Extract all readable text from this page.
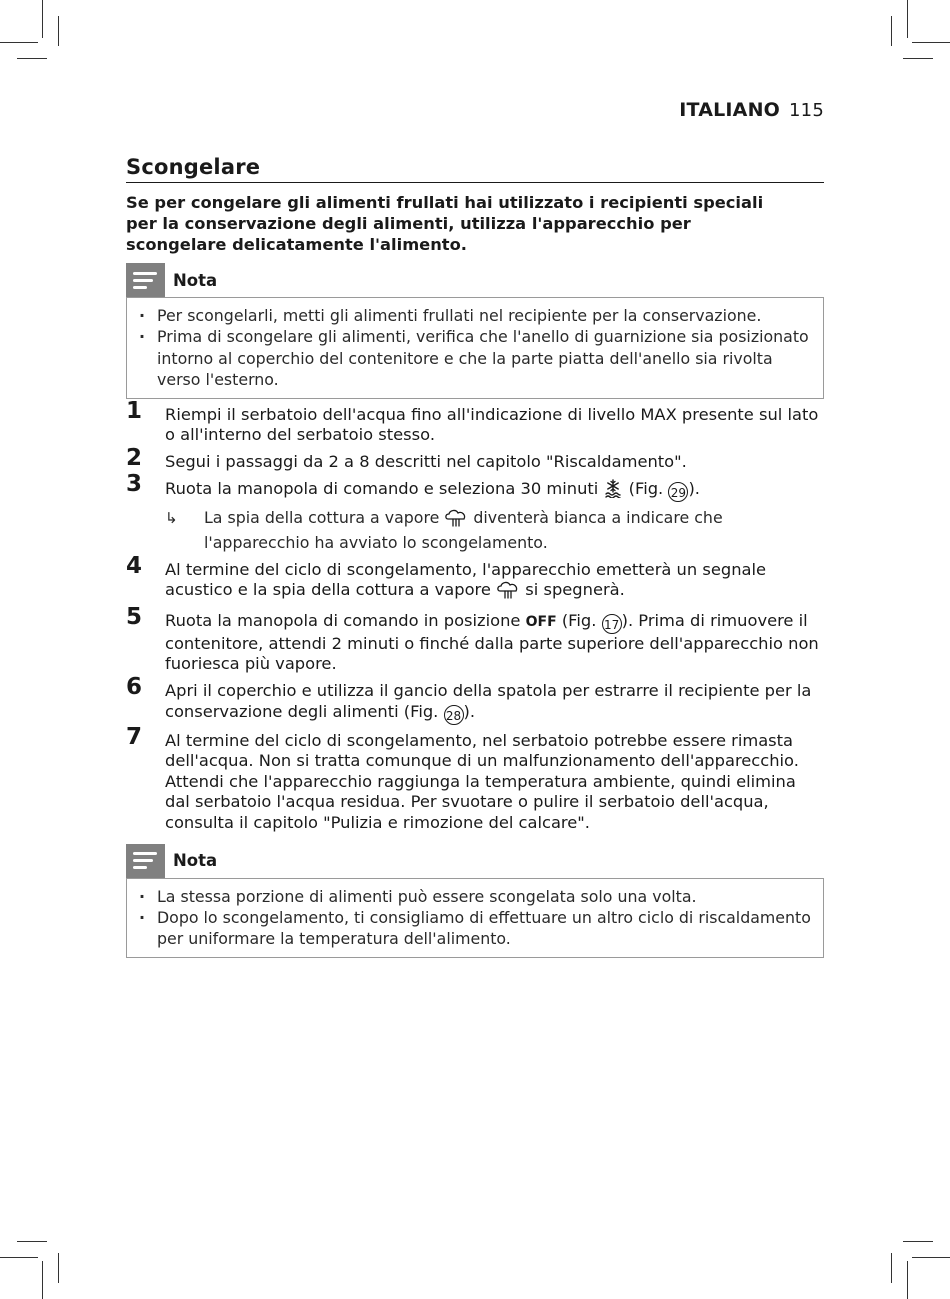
ITALIANO 115
Scongelare

Se per congelare gli alimenti frullati hai utilizzato i recipienti speciali per la conservazione degli alimenti, utilizza l'apparecchio per scongelare delicatamente l'alimento.

Nota
· Per scongelarli, metti gli alimenti frullati nel recipiente per la conservazione.
· Prima di scongelare gli alimenti, verifica che l'anello di guarnizione sia posizionato intorno al coperchio del contenitore e che la parte piatta dell'anello sia rivolta verso l'esterno.
1 Riempi il serbatoio dell'acqua fino all'indicazione di livello MAX presente sul lato o all'interno del serbatoio stesso.
2 Segui i passaggi da 2 a 8 descritti nel capitolo "Riscaldamento".
3 Ruota la manopola di comando e seleziona 30 minuti (Fig. 29 ).
↳ La spia della cottura a vapore diventerà bianca a indicare che l'apparecchio ha avviato lo scongelamento.
4 Al termine del ciclo di scongelamento, l'apparecchio emetterà un segnale acustico e la spia della cottura a vapore si spegnerà.
5 Ruota la manopola di comando in posizione OFF (Fig. 17 ). Prima di rimuovere il contenitore, attendi 2 minuti o finché dalla parte superiore dell'apparecchio non fuoriesca più vapore.
6 Apri il coperchio e utilizza il gancio della spatola per estrarre il recipiente per la conservazione degli alimenti (Fig. 28 ).
7 Al termine del ciclo di scongelamento, nel serbatoio potrebbe essere rimasta dell'acqua. Non si tratta comunque di un malfunzionamento dell'apparecchio. Attendi che l'apparecchio raggiunga la temperatura ambiente, quindi elimina dal serbatoio l'acqua residua. Per svuotare o pulire il serbatoio dell'acqua, consulta il capitolo "Pulizia e rimozione del calcare".
Nota
· La stessa porzione di alimenti può essere scongelata solo una volta.
· Dopo lo scongelamento, ti consigliamo di effettuare un altro ciclo di riscaldamento per uniformare la temperatura dell'alimento.
